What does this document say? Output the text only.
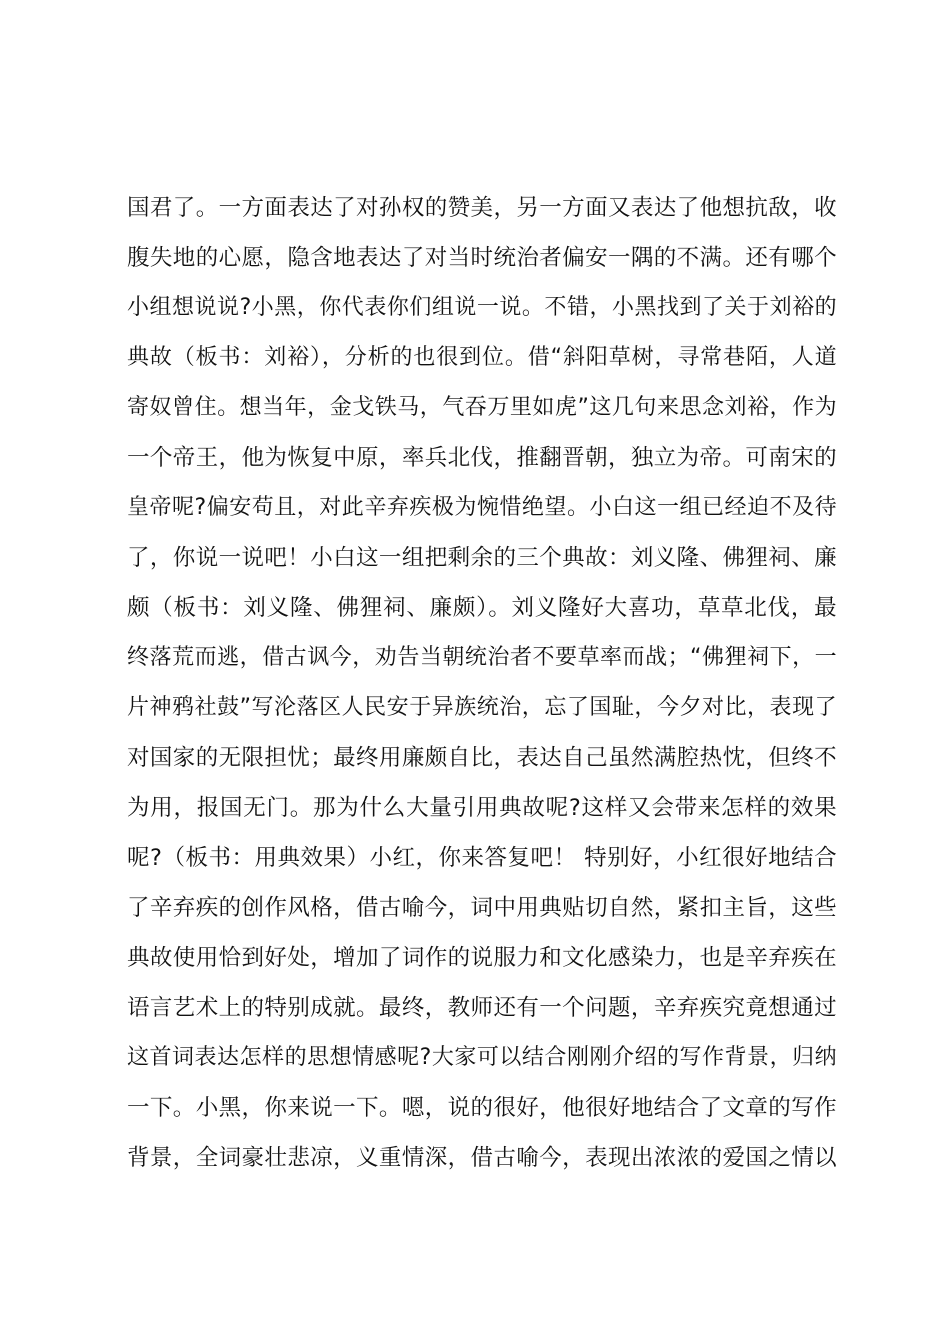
国君了。一方面表达了对孙权的赞美，另一方面又表达了他想抗敌，收
腹失地的心愿，隐含地表达了对当时统治者偏安一隅的不满。还有哪个
小组想说说?小黑，你代表你们组说一说。不错，小黑找到了关于刘裕的
典故（板书：刘裕），分析的也很到位。借“斜阳草树，寻常巷陌，人道
寄奴曾住。想当年，金戈铁马，气吞万里如虎”这几句来思念刘裕，作为
一个帝王，他为恢复中原，率兵北伐，推翻晋朝，独立为帝。可南宋的
皇帝呢?偏安苟且，对此辛弃疾极为惋惜绝望。小白这一组已经迫不及待
了，你说一说吧！小白这一组把剩余的三个典故：刘义隆、佛狸祠、廉
颇（板书：刘义隆、佛狸祠、廉颇）。刘义隆好大喜功，草草北伐，最
终落荒而逃，借古讽今，劝告当朝统治者不要草率而战；“佛狸祠下，一
片神鸦社鼓”写沦落区人民安于异族统治，忘了国耻，今夕对比，表现了
对国家的无限担忧；最终用廉颇自比，表达自己虽然满腔热忱，但终不
为用，报国无门。那为什么大量引用典故呢?这样又会带来怎样的效果
呢?（板书：用典效果）小红，你来答复吧！ 特别好，小红很好地结合
了辛弃疾的创作风格，借古喻今，词中用典贴切自然，紧扣主旨，这些
典故使用恰到好处，增加了词作的说服力和文化感染力，也是辛弃疾在
语言艺术上的特别成就。最终，教师还有一个问题，辛弃疾究竟想通过
这首词表达怎样的思想情感呢?大家可以结合刚刚介绍的写作背景，归纳
一下。小黑，你来说一下。嗯，说的很好，他很好地结合了文章的写作
背景，全词豪壮悲凉，义重情深，借古喻今，表现出浓浓的爱国之情以
